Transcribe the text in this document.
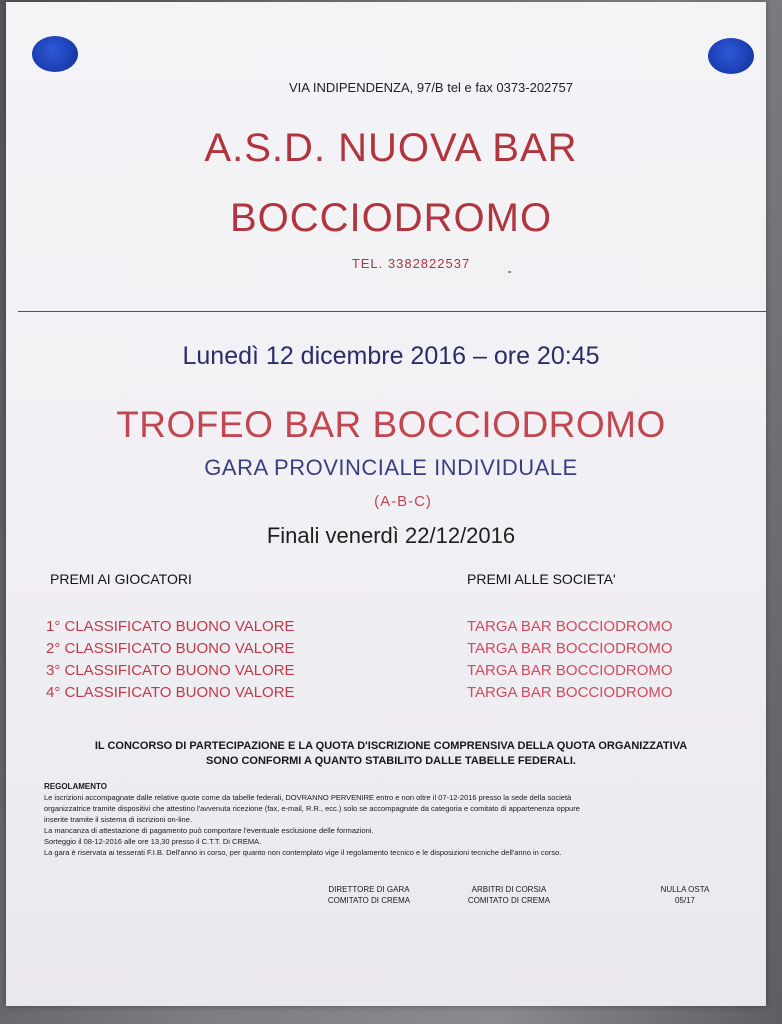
VIA INDIPENDENZA, 97/B tel e fax 0373-202757
A.S.D. NUOVA BAR
BOCCIODROMO
TEL. 3382822537
Lunedì 12 dicembre 2016 – ore 20:45
TROFEO BAR BOCCIODROMO
GARA PROVINCIALE INDIVIDUALE
(A-B-C)
Finali venerdì 22/12/2016
PREMI AI GIOCATORI	PREMI ALLE SOCIETA'
1° CLASSIFICATO BUONO VALORE
2° CLASSIFICATO BUONO VALORE
3° CLASSIFICATO BUONO VALORE
4° CLASSIFICATO BUONO VALORE
TARGA BAR BOCCIODROMO
TARGA BAR BOCCIODROMO
TARGA BAR BOCCIODROMO
TARGA BAR BOCCIODROMO
IL CONCORSO DI PARTECIPAZIONE E LA QUOTA D'ISCRIZIONE COMPRENSIVA DELLA QUOTA ORGANIZZATIVA
SONO CONFORMI A QUANTO STABILITO DALLE TABELLE FEDERALI.

REGOLAMENTO

Le iscrizioni accompagnate dalle relative quote come da tabelle federali, DOVRANNO PERVENIRE entro e non oltre il 07-12-2016 presso la sede della società

organizzatrice tramite dispositivi che attestino l'avvenuta ricezione (fax, e-mail, R.R., ecc.) solo se accompagnate da categoria e comitato di appartenenza oppure

inserite tramite il sistema di iscrizioni on-line.

La mancanza di attestazione di pagamento può comportare l'eventuale esclusione delle formazioni.

Sorteggio il 08-12-2016 alle ore 13,30 presso il C.T.T. Di CREMA.

La gara è riservata ai tesserati F.I.B. Dell'anno in corso, per quanto non contemplato vige il regolamento tecnico e le disposizioni tecniche dell'anno in corso.

DIRETTORE DI GARA
COMITATO DI CREMA
ARBITRI DI CORSIA
COMITATO DI CREMA
NULLA OSTA
05/17
